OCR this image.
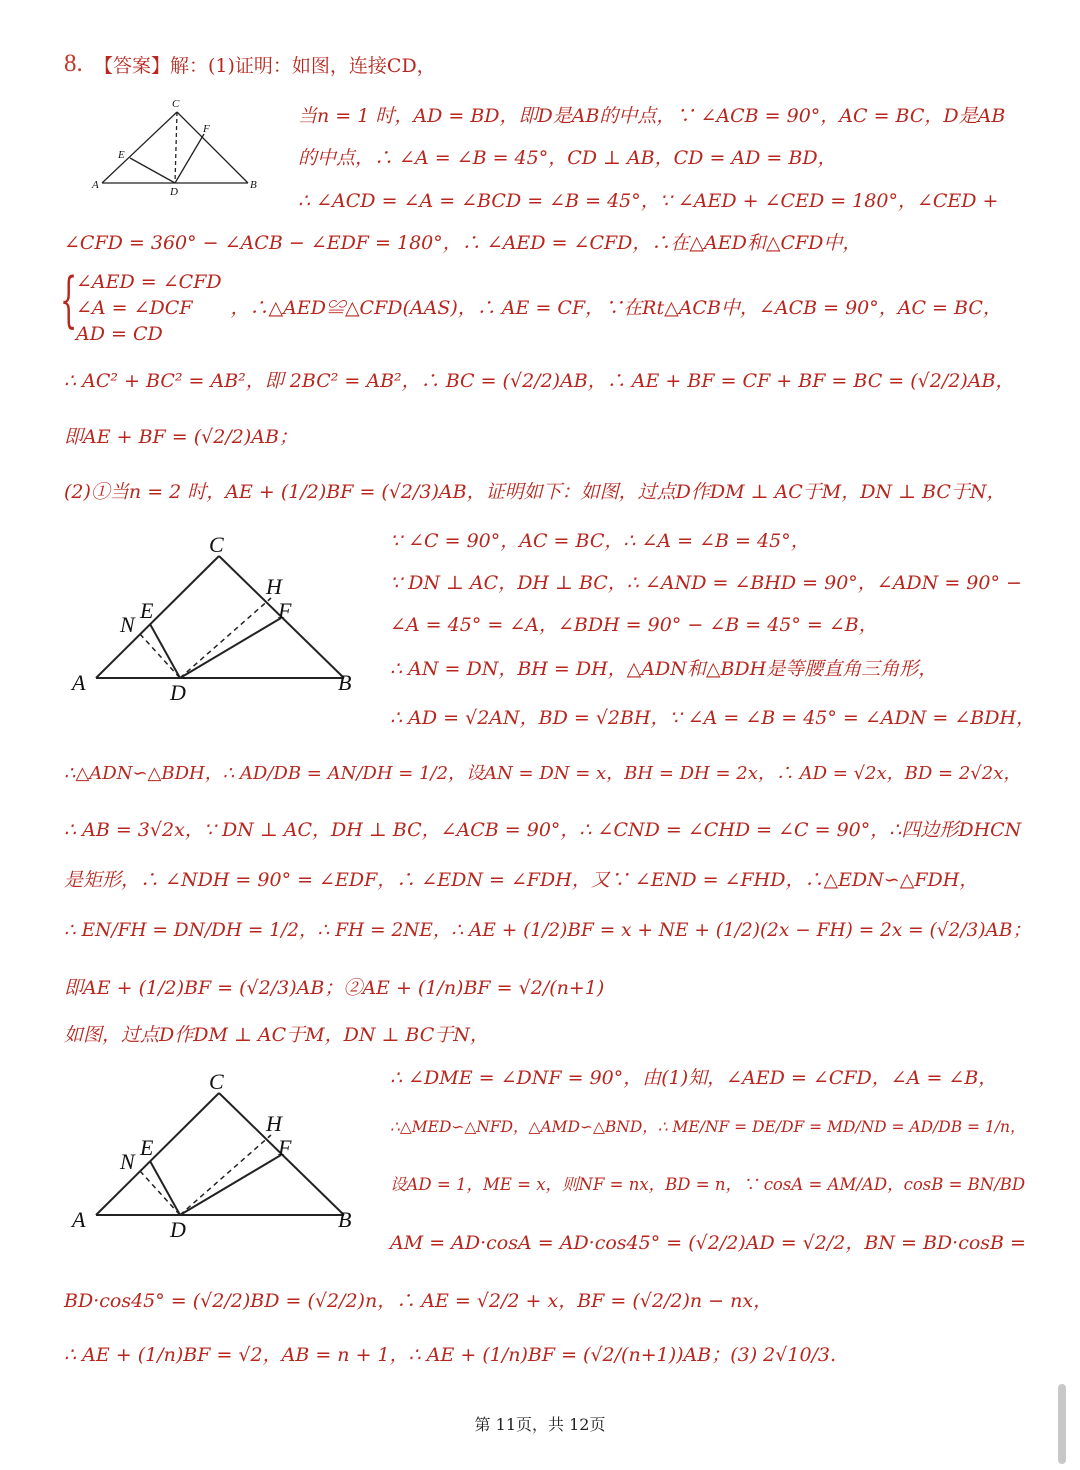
8. 【答案】解：(1)证明：如图，连接CD，
C
F
E
A
D
B
当n = 1 时，AD = BD，即D是AB的中点，∵ ∠ACB = 90°，AC = BC，D是AB
的中点，∴ ∠A = ∠B = 45°，CD ⊥ AB，CD = AD = BD，
∴ ∠ACD = ∠A = ∠BCD = ∠B = 45°，∵ ∠AED + ∠CED = 180°，∠CED +
∠CFD = 360° − ∠ACB − ∠EDF = 180°，∴ ∠AED = ∠CFD，∴在△AED和△CFD中，
{
∠AED = ∠CFD
∠A = ∠DCF　　，∴△AED≌△CFD(AAS)，∴ AE = CF，∵在Rt△ACB中，∠ACB = 90°，AC = BC，
AD = CD
∴ AC² + BC² = AB²，即 2BC² = AB²，∴ BC = (√2/2)AB，∴ AE + BF = CF + BF = BC = (√2/2)AB，
即AE + BF = (√2/2)AB；
(2)①当n = 2 时，AE + (1/2)BF = (√2/3)AB，证明如下：如图，过点D作DM ⊥ AC于M，DN ⊥ BC于N，
C
H
N
E	F
A	D	B
∵ ∠C = 90°，AC = BC，∴ ∠A = ∠B = 45°，
∵ DN ⊥ AC，DH ⊥ BC，∴ ∠AND = ∠BHD = 90°，∠ADN = 90° −
∠A = 45° = ∠A，∠BDH = 90° − ∠B = 45° = ∠B，
∴ AN = DN，BH = DH，△ADN和△BDH是等腰直角三角形，
∴ AD = √2AN，BD = √2BH，∵ ∠A = ∠B = 45° = ∠ADN = ∠BDH，
∴△ADN∽△BDH，∴ AD/DB = AN/DH = 1/2，设AN = DN = x，BH = DH = 2x，∴ AD = √2x，BD = 2√2x，
∴ AB = 3√2x，∵ DN ⊥ AC，DH ⊥ BC，∠ACB = 90°，∴ ∠CND = ∠CHD = ∠C = 90°，∴四边形DHCN
是矩形，∴ ∠NDH = 90° = ∠EDF，∴ ∠EDN = ∠FDH，又∵ ∠END = ∠FHD，∴△EDN∽△FDH，
∴ EN/FH = DN/DH = 1/2，∴ FH = 2NE，∴ AE + (1/2)BF = x + NE + (1/2)(2x − FH) = 2x = (√2/3)AB；
即AE + (1/2)BF = (√2/3)AB；②AE + (1/n)BF = √2/(n+1)
如图，过点D作DM ⊥ AC于M，DN ⊥ BC于N，
C
H
N
E	F
A	D	B
∴ ∠DME = ∠DNF = 90°，由(1)知，∠AED = ∠CFD，∠A = ∠B，
∴△MED∽△NFD，△AMD∽△BND，∴ ME/NF = DE/DF = MD/ND = AD/DB = 1/n，
设AD = 1，ME = x，则NF = nx，BD = n，∵ cosA = AM/AD，cosB = BN/BD
AM = AD·cosA = AD·cos45° = (√2/2)AD = √2/2，BN = BD·cosB =
BD·cos45° = (√2/2)BD = (√2/2)n，∴ AE = √2/2 + x，BF = (√2/2)n − nx，
∴ AE + (1/n)BF = √2，AB = n + 1，∴ AE + (1/n)BF = (√2/(n+1))AB；(3) 2√10/3.
第 11页，共 12页
